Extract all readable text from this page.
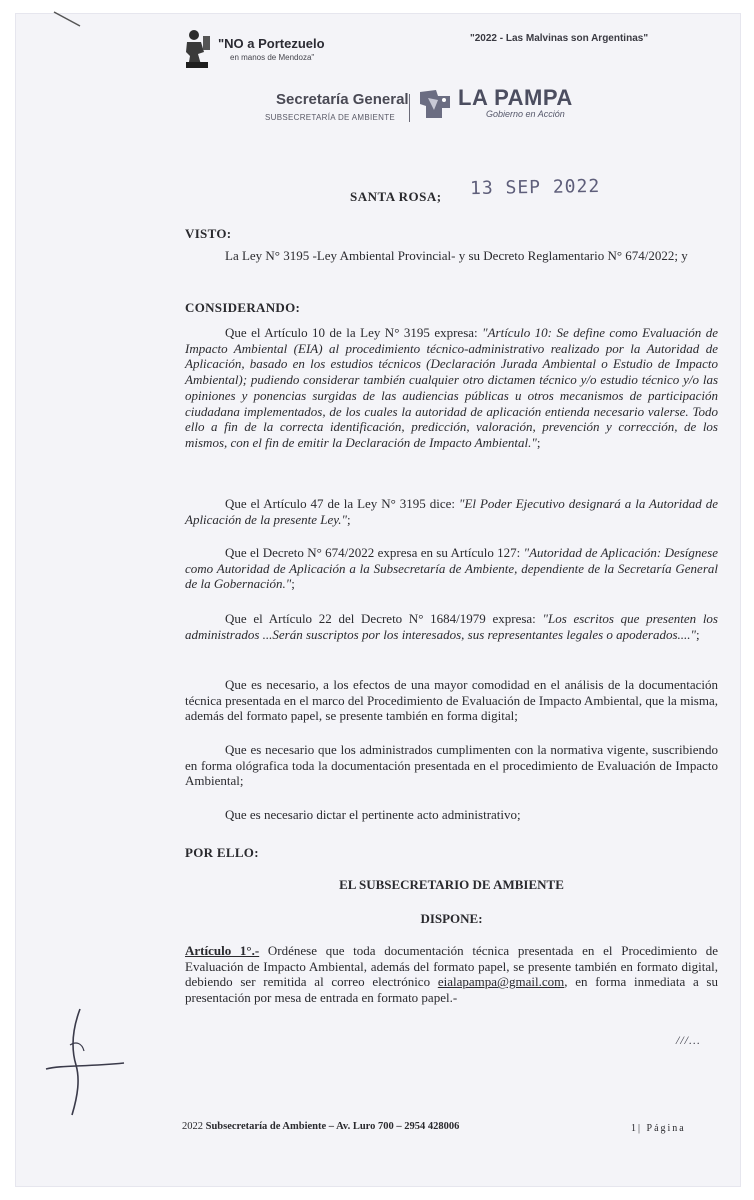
"NO a Portezuelo
en manos de Mendoza"
"2022 - Las Malvinas son Argentinas"
Secretaría General
SUBSECRETARÍA DE AMBIENTE
LA PAMPA
Gobierno en Acción
SANTA ROSA; 13 SEP 2022
VISTO:

La Ley N° 3195 -Ley Ambiental Provincial- y su Decreto Reglamentario N° 674/2022; y

CONSIDERANDO:

Que el Artículo 10 de la Ley N° 3195 expresa: "Artículo 10: Se define como Evaluación de Impacto Ambiental (EIA) al procedimiento técnico-administrativo realizado por la Autoridad de Aplicación, basado en los estudios técnicos (Declaración Jurada Ambiental o Estudio de Impacto Ambiental); pudiendo considerar también cualquier otro dictamen técnico y/o estudio técnico y/o las opiniones y ponencias surgidas de las audiencias públicas u otros mecanismos de participación ciudadana implementados, de los cuales la autoridad de aplicación entienda necesario valerse. Todo ello a fin de la correcta identificación, predicción, valoración, prevención y corrección, de los mismos, con el fin de emitir la Declaración de Impacto Ambiental.";

Que el Artículo 47 de la Ley N° 3195 dice: "El Poder Ejecutivo designará a la Autoridad de Aplicación de la presente Ley.";

Que el Decreto N° 674/2022 expresa en su Artículo 127: "Autoridad de Aplicación: Desígnese como Autoridad de Aplicación a la Subsecretaría de Ambiente, dependiente de la Secretaría General de la Gobernación.";

Que el Artículo 22 del Decreto N° 1684/1979 expresa: "Los escritos que presenten los administrados ...Serán suscriptos por los interesados, sus representantes legales o apoderados....";

Que es necesario, a los efectos de una mayor comodidad en el análisis de la documentación técnica presentada en el marco del Procedimiento de Evaluación de Impacto Ambiental, que la misma, además del formato papel, se presente también en forma digital;

Que es necesario que los administrados cumplimenten con la normativa vigente, suscribiendo en forma ológrafica toda la documentación presentada en el procedimiento de Evaluación de Impacto Ambiental;

Que es necesario dictar el pertinente acto administrativo;

POR ELLO:
EL SUBSECRETARIO DE AMBIENTE
DISPONE:

Artículo 1°.- Ordénese que toda documentación técnica presentada en el Procedimiento de Evaluación de Impacto Ambiental, además del formato papel, se presente también en formato digital, debiendo ser remitida al correo electrónico eialapampa@gmail.com, en forma inmediata a su presentación por mesa de entrada en formato papel.-

///...
2022 Subsecretaría de Ambiente – Av. Luro 700 – 2954 428006	1| Página
